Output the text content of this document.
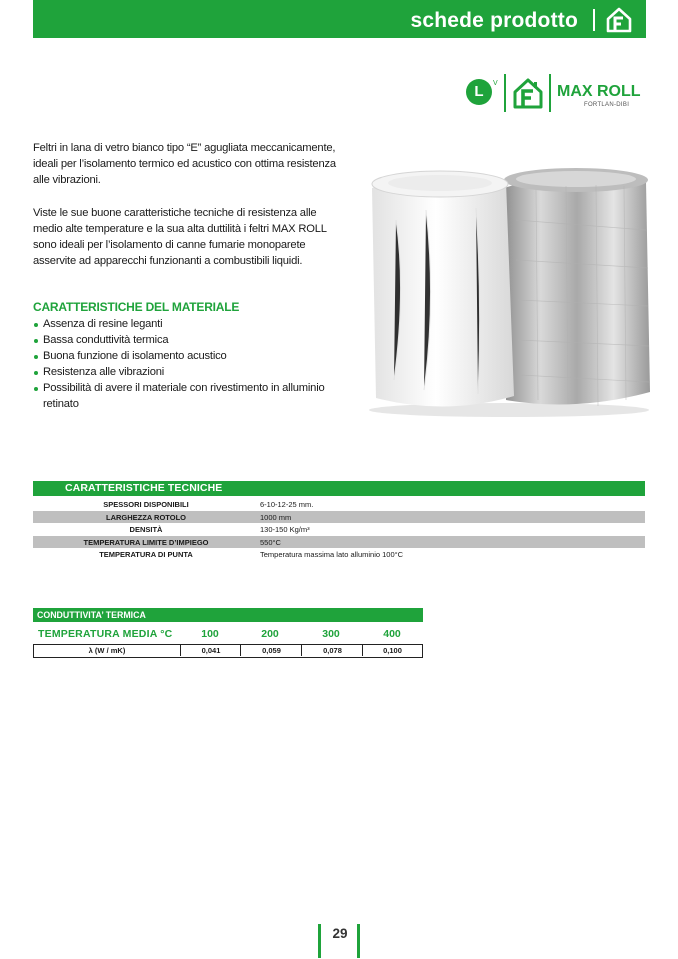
schede prodotto
L	V	MAX ROLL
FORTLAN-DIBI
Feltri in lana di vetro bianco tipo “E” agugliata meccanicamente, ideali per l’isolamento termico ed acustico con ottima resistenza alle vibrazioni.
Viste le sue buone caratteristiche tecniche di resistenza alle medio alte temperature e la sua alta duttilità i feltri MAX ROLL sono ideali per l’isolamento di canne fumarie monoparete asservite ad apparecchi funzionanti a combustibili liquidi.
CARATTERISTICHE DEL MATERIALE
Assenza di resine leganti
Bassa conduttività termica
Buona funzione di isolamento acustico
Resistenza alle vibrazioni
Possibilità di avere il materiale con rivestimento in alluminio retinato
CARATTERISTICHE TECNICHE
SPESSORI DISPONIBILI	6-10-12-25 mm.
LARGHEZZA ROTOLO	1000 mm
DENSITÀ	130-150 Kg/m³
TEMPERATURA LIMITE D’IMPIEGO	550°C
TEMPERATURA DI PUNTA	Temperatura massima lato alluminio 100°C
CONDUTTIVITA’ TERMICA
TEMPERATURA MEDIA °C	100	200	300	400
λ (W / mK)	0,041	0,059	0,078	0,100
29
